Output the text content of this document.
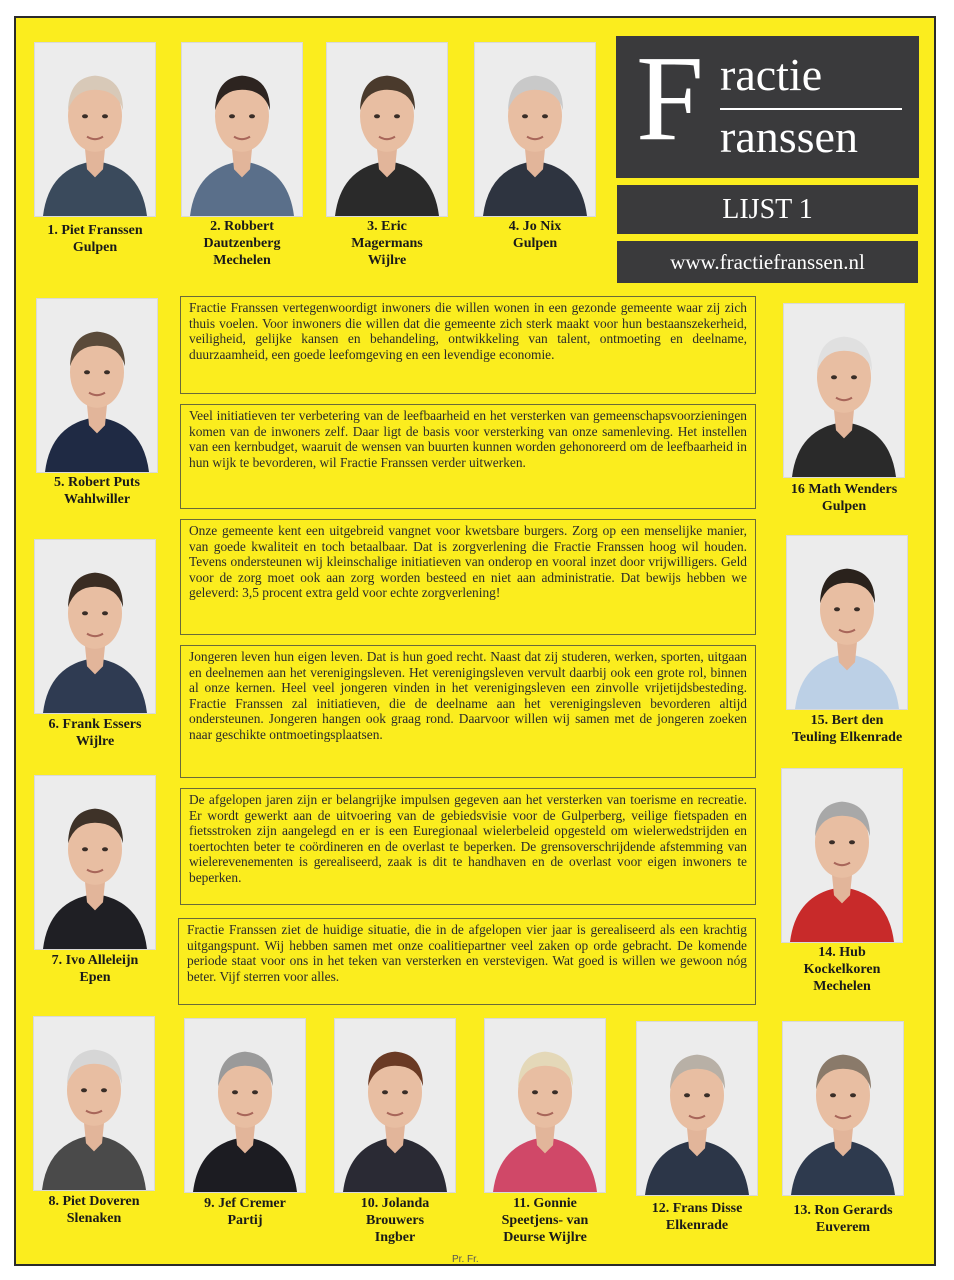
F ractie
ranssen
LIJST 1
www.fractiefranssen.nl
Fractie Franssen vertegenwoordigt inwoners die willen wonen in een gezonde gemeente waar zij zich thuis voelen. Voor inwoners die willen dat die gemeente zich sterk maakt voor hun bestaanszekerheid, veiligheid, gelijke kansen en behandeling, ontwikkeling van talent, ontmoeting en deelname, duurzaamheid, een goede leefomgeving en een levendige economie.
Veel initiatieven ter verbetering van de leefbaarheid en het versterken van gemeenschapsvoorzieningen komen van de inwoners zelf. Daar ligt de basis voor versterking van onze samenleving. Het instellen van een kernbudget, waaruit de wensen van buurten kunnen worden gehonoreerd om de leefbaarheid in hun wijk te bevorderen, wil Fractie Franssen verder uitwerken.
Onze gemeente kent een uitgebreid vangnet voor kwetsbare burgers. Zorg op een menselijke manier, van goede kwaliteit en toch betaalbaar. Dat is zorgverlening die Fractie Franssen hoog wil houden. Tevens ondersteunen wij kleinschalige initiatieven van onderop en vooral inzet door vrijwilligers. Geld voor de zorg moet ook aan zorg worden besteed en niet aan administratie. Dat bewijs hebben we geleverd: 3,5 procent extra geld voor echte zorgverlening!
Jongeren leven hun eigen leven. Dat is hun goed recht. Naast dat zij studeren, werken, sporten, uitgaan en deelnemen aan het verenigingsleven. Het verenigingsleven vervult daarbij ook een grote rol, binnen al onze kernen. Heel veel jongeren vinden in het verenigingsleven een zinvolle vrijetijdsbesteding. Fractie Franssen zal initiatieven, die de deelname aan het verenigingsleven bevorderen altijd ondersteunen. Jongeren hangen ook graag rond. Daarvoor willen wij samen met de jongeren zoeken naar geschikte ontmoetingsplaatsen.
De afgelopen jaren zijn er belangrijke impulsen gegeven aan het versterken van toerisme en recreatie. Er wordt gewerkt aan de uitvoering van de gebiedsvisie voor de Gulperberg, veilige fietspaden en fietsstroken zijn aangelegd en er is een Euregionaal wielerbeleid opgesteld om wielerwedstrijden en toertochten beter te coördineren en de overlast te beperken. De grensoverschrijdende afstemming van wielerevenementen is gerealiseerd, zaak is dit te handhaven en de overlast voor eigen inwoners te beperken.
Fractie Franssen ziet de huidige situatie, die in de afgelopen vier jaar is gerealiseerd als een krachtig uitgangspunt. Wij hebben samen met onze coalitiepartner veel zaken op orde gebracht. De komende periode staat voor ons in het teken van versterken en verstevigen. Wat goed is willen we gewoon nóg beter. Vijf sterren voor alles.
1. Piet Franssen
Gulpen
2. Robbert
Dautzenberg
Mechelen
3. Eric
Magermans
Wijlre
4. Jo Nix
Gulpen
5. Robert Puts
Wahlwiller
6. Frank Essers
Wijlre
7. Ivo Alleleijn
Epen
8. Piet Doveren
Slenaken
9. Jef Cremer
Partij
10. Jolanda
Brouwers
Ingber
11. Gonnie
Speetjens- van
Deurse Wijlre
12. Frans Disse
Elkenrade
13. Ron Gerards
Euverem
14. Hub
Kockelkoren
Mechelen
15. Bert den
Teuling Elkenrade
16 Math Wenders
Gulpen
Pr. Fr.
